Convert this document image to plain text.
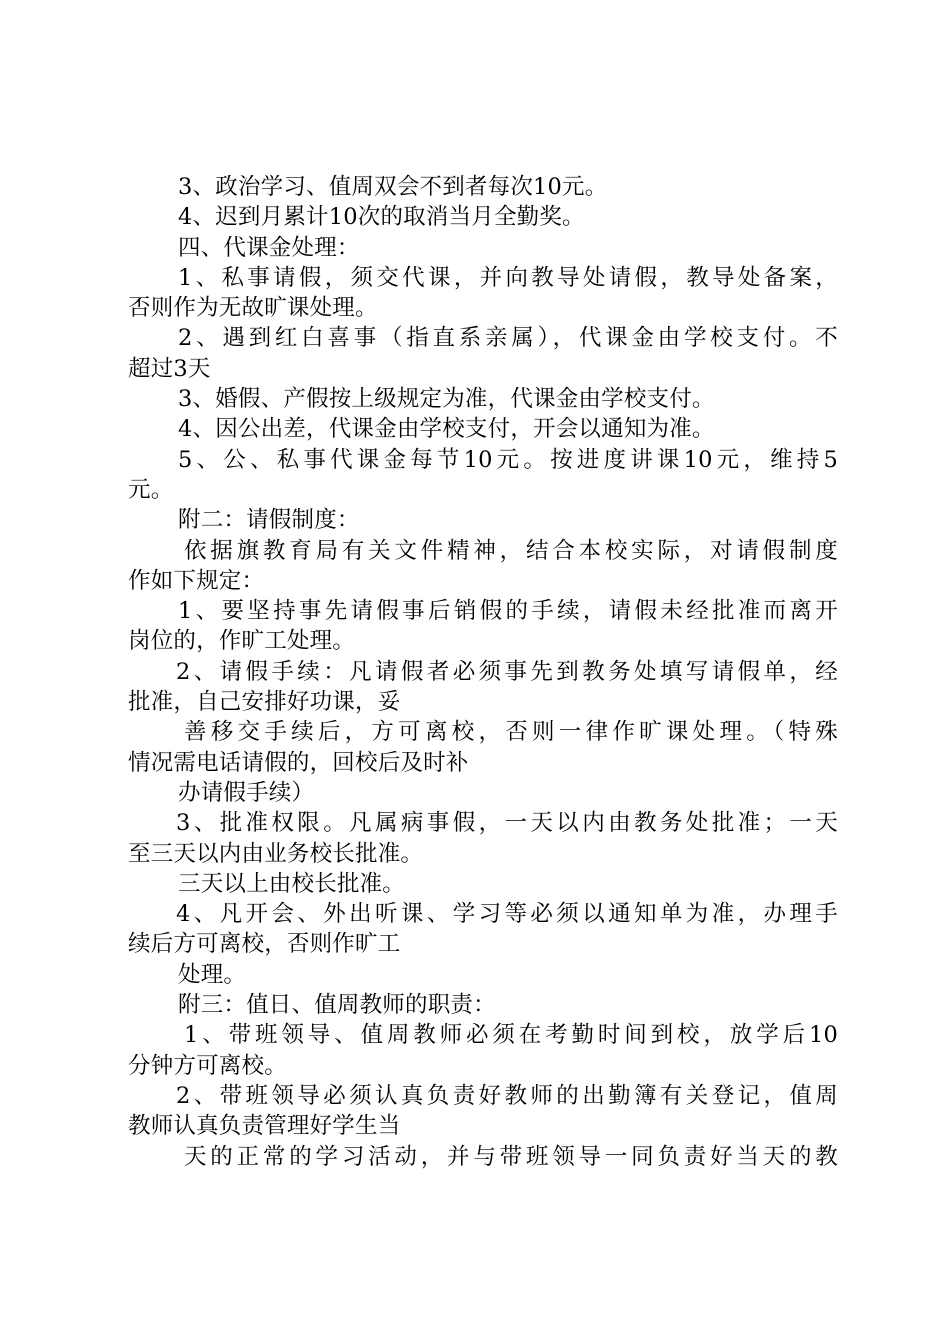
3、政治学习、值周双会不到者每次10元。
4、迟到月累计10次的取消当月全勤奖。
四、代课金处理：
1、私事请假，须交代课，并向教导处请假，教导处备案，
否则作为无故旷课处理。
2、遇到红白喜事（指直系亲属），代课金由学校支付。不
超过3天
3、婚假、产假按上级规定为准，代课金由学校支付。
4、因公出差，代课金由学校支付，开会以通知为准。
5、公、私事代课金每节10元。按进度讲课10元，维持5
元。
附二：请假制度：
依据旗教育局有关文件精神，结合本校实际，对请假制度
作如下规定：
1、要坚持事先请假事后销假的手续，请假未经批准而离开
岗位的，作旷工处理。
2、请假手续：凡请假者必须事先到教务处填写请假单，经
批准，自己安排好功课，妥
善移交手续后，方可离校，否则一律作旷课处理。（特殊
情况需电话请假的，回校后及时补
办请假手续）
3、批准权限。凡属病事假，一天以内由教务处批准；一天
至三天以内由业务校长批准。
三天以上由校长批准。
4、凡开会、外出听课、学习等必须以通知单为准，办理手
续后方可离校，否则作旷工
处理。
附三：值日、值周教师的职责：
1、带班领导、值周教师必须在考勤时间到校，放学后10
分钟方可离校。
2、带班领导必须认真负责好教师的出勤簿有关登记，值周
教师认真负责管理好学生当
天的正常的学习活动，并与带班领导一同负责好当天的教
